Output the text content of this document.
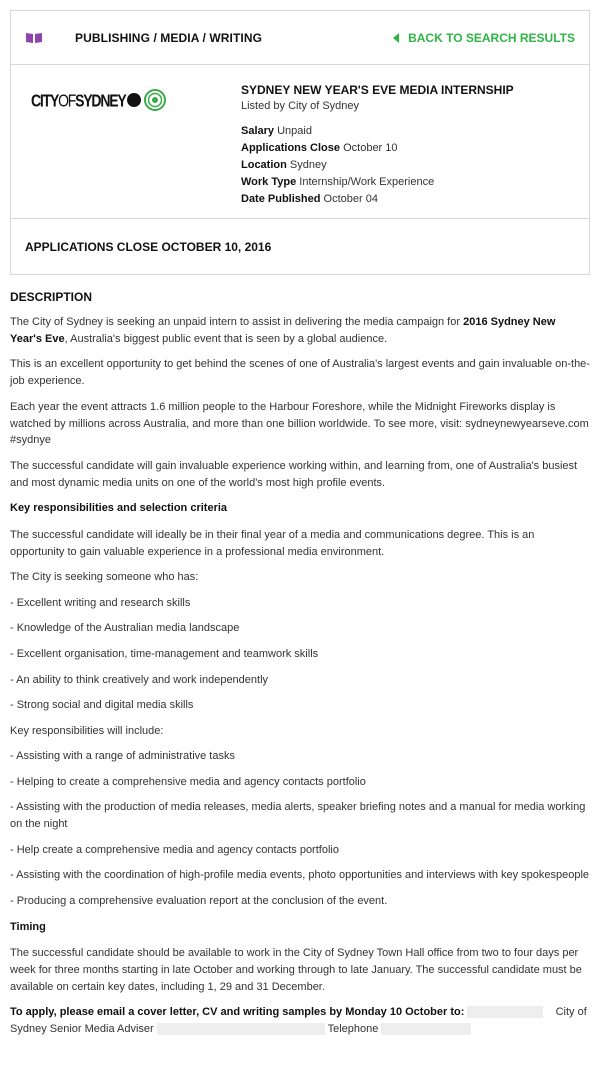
PUBLISHING / MEDIA / WRITING	BACK TO SEARCH RESULTS
CITYOFSYDNEY	SYDNEY NEW YEAR'S EVE MEDIA INTERNSHIP
Listed by City of Sydney
Salary Unpaid
Applications Close October 10
Location Sydney
Work Type Internship/Work Experience
Date Published October 04
APPLICATIONS CLOSE OCTOBER 10, 2016
DESCRIPTION

The City of Sydney is seeking an unpaid intern to assist in delivering the media campaign for 2016 Sydney New Year's Eve, Australia's biggest public event that is seen by a global audience.

This is an excellent opportunity to get behind the scenes of one of Australia's largest events and gain invaluable on-the-job experience.

Each year the event attracts 1.6 million people to the Harbour Foreshore, while the Midnight Fireworks display is watched by millions across Australia, and more than one billion worldwide. To see more, visit: sydneynewyearseve.com #sydnye

The successful candidate will gain invaluable experience working within, and learning from, one of Australia's busiest and most dynamic media units on one of the world's most high profile events.

Key responsibilities and selection criteria

The successful candidate will ideally be in their final year of a media and communications degree. This is an opportunity to gain valuable experience in a professional media environment.

The City is seeking someone who has:

- Excellent writing and research skills

- Knowledge of the Australian media landscape

- Excellent organisation, time-management and teamwork skills

- An ability to think creatively and work independently

- Strong social and digital media skills

Key responsibilities will include:

- Assisting with a range of administrative tasks

- Helping to create a comprehensive media and agency contacts portfolio

- Assisting with the production of media releases, media alerts, speaker briefing notes and a manual for media working on the night

- Help create a comprehensive media and agency contacts portfolio

- Assisting with the coordination of high-profile media events, photo opportunities and interviews with key spokespeople

- Producing a comprehensive evaluation report at the conclusion of the event.

Timing

The successful candidate should be available to work in the City of Sydney Town Hall office from two to four days per week for three months starting in late October and working through to late January. The successful candidate must be available on certain key dates, including 1, 29 and 31 December.

To apply, please email a cover letter, CV and writing samples by Monday 10 October to:	City of Sydney Senior Media Adviser	Telephone
